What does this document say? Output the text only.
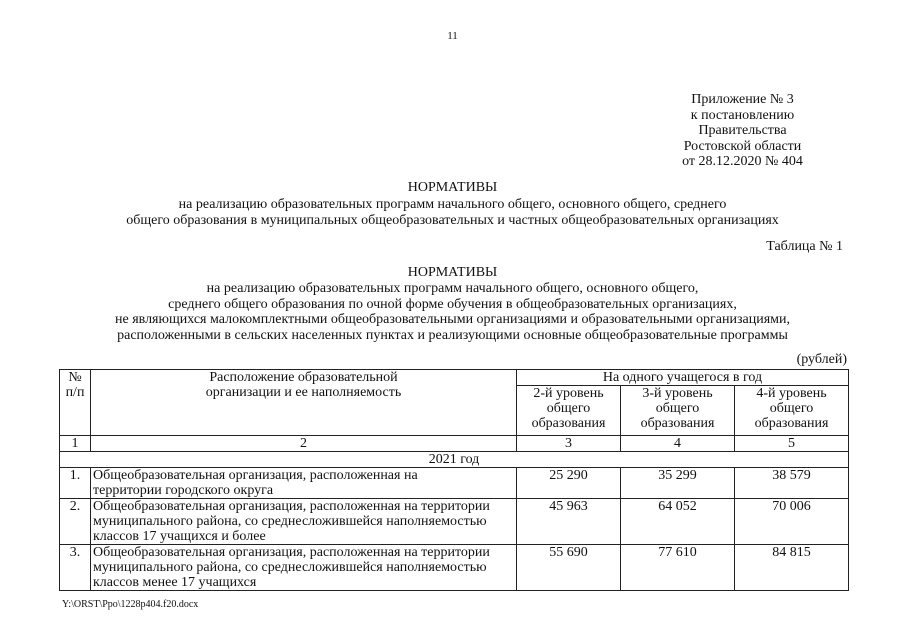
11
Приложение № 3
к постановлению
Правительства
Ростовской области
от 28.12.2020 № 404
НОРМАТИВЫ
на реализацию образовательных программ начального общего, основного общего, среднего
общего образования в муниципальных общеобразовательных и частных общеобразовательных организациях
Таблица № 1
НОРМАТИВЫ
на реализацию образовательных программ начального общего, основного общего,
среднего общего образования по очной форме обучения в общеобразовательных организациях,
не являющихся малокомплектными общеобразовательными организациями и образовательными организациями,
расположенными в сельских населенных пунктах и реализующими основные общеобразовательные программы
(рублей)
№ п/п	Расположение образовательной организации и ее наполняемость	На одного учащегося в год		
		2-й уровень общего образования	3-й уровень общего образования	4-й уровень общего образования
1	2	3	4	5
2021 год				
1.	Общеобразовательная организация, расположенная на территории городского округа	25 290	35 299	38 579
2.	Общеобразовательная организация, расположенная на территории муниципального района, со среднесложившейся наполняемостью классов 17 учащихся и более	45 963	64 052	70 006
3.	Общеобразовательная организация, расположенная на территории муниципального района, со среднесложившейся наполняемостью классов менее 17 учащихся	55 690	77 610	84 815
Y:\ORST\Ppo\1228p404.f20.docx
